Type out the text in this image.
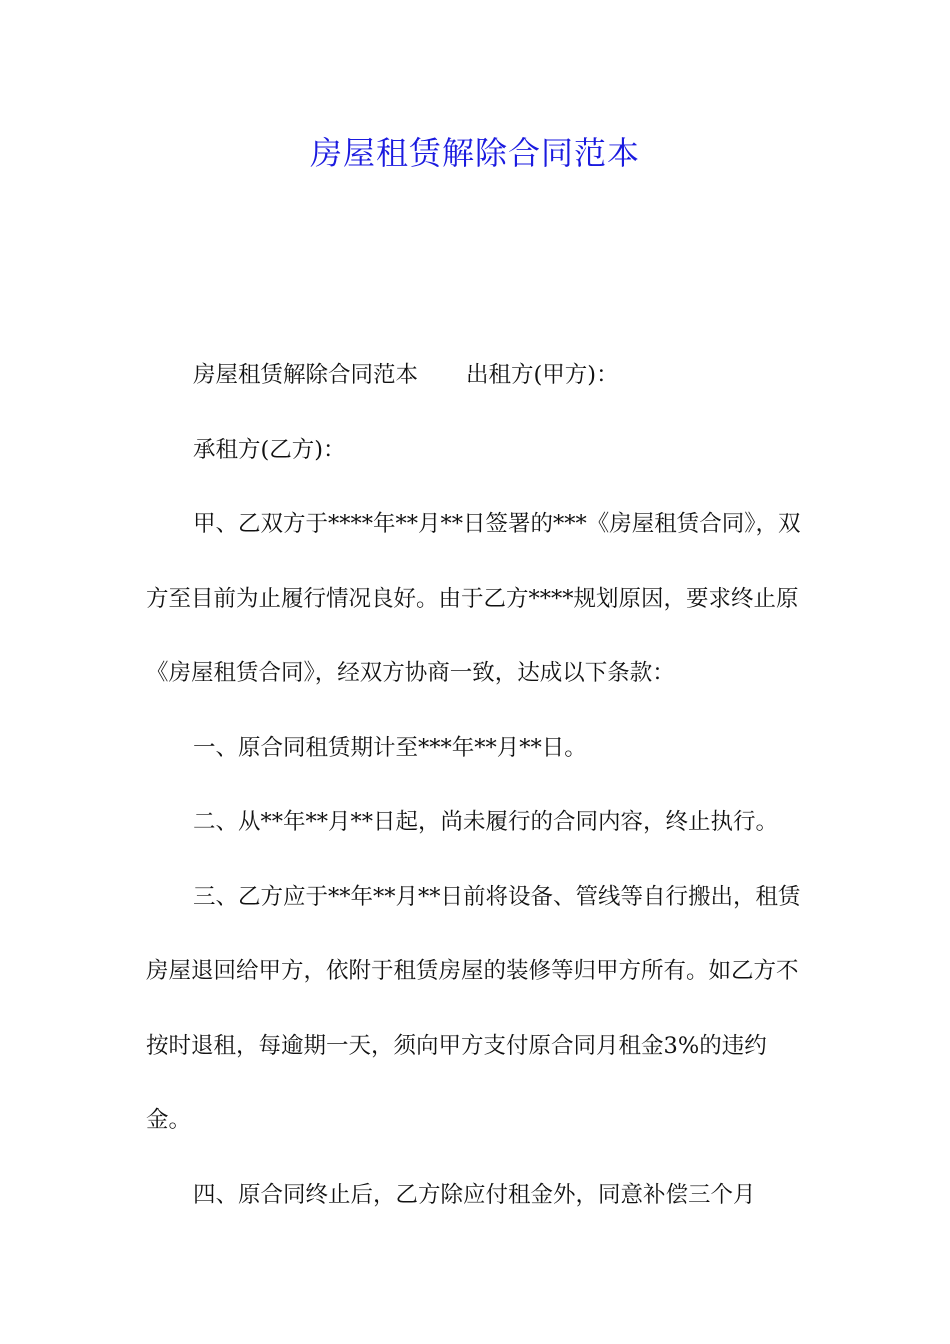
房屋租赁解除合同范本

房屋租赁解除合同范本 出租方(甲方)：

承租方(乙方)：

甲、乙双方于****年**月**日签署的***《房屋租赁合同》，双方至目前为止履行情况良好。由于乙方****规划原因，要求终止原《房屋租赁合同》，经双方协商一致，达成以下条款：

一、原合同租赁期计至***年**月**日。

二、从**年**月**日起，尚未履行的合同内容，终止执行。

三、乙方应于**年**月**日前将设备、管线等自行搬出，租赁房屋退回给甲方，依附于租赁房屋的装修等归甲方所有。如乙方不按时退租，每逾期一天，须向甲方支付原合同月租金3%的违约金。

四、原合同终止后，乙方除应付租金外，同意补偿三个月
